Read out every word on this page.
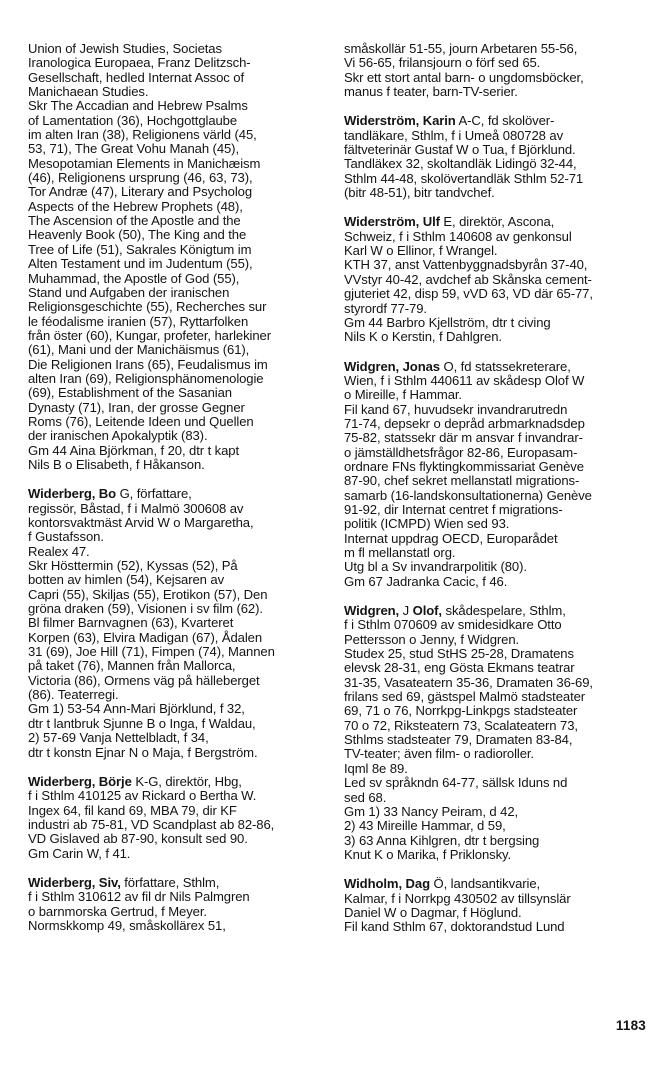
Union of Jewish Studies, Societas
Iranologica Europaea, Franz Delitzsch-
Gesellschaft, hedled Internat Assoc of
Manichaean Studies.
Skr The Accadian and Hebrew Psalms
of Lamentation (36), Hochgottglaube
im alten Iran (38), Religionens värld (45,
53, 71), The Great Vohu Manah (45),
Mesopotamian Elements in Manichæism
(46), Religionens ursprung (46, 63, 73),
Tor Andræ (47), Literary and Psycholog
Aspects of the Hebrew Prophets (48),
The Ascension of the Apostle and the
Heavenly Book (50), The King and the
Tree of Life (51), Sakrales Königtum im
Alten Testament und im Judentum (55),
Muhammad, the Apostle of God (55),
Stand und Aufgaben der iranischen
Religionsgeschichte (55), Recherches sur
le féodalisme iranien (57), Ryttarfolken
från öster (60), Kungar, profeter, harlekiner
(61), Mani und der Manichäismus (61),
Die Religionen Irans (65), Feudalismus im
alten Iran (69), Religionsphänomenologie
(69), Establishment of the Sasanian
Dynasty (71), Iran, der grosse Gegner
Roms (76), Leitende Ideen und Quellen
der iranischen Apokalyptik (83).
Gm 44 Aina Björkman, f 20, dtr t kapt
Nils B o Elisabeth, f Håkanson.
Widerberg, Bo G, författare,
regissör, Båstad, f i Malmö 300608 av
kontorsvaktmäst Arvid W o Margaretha,
f Gustafsson.
Realex 47.
Skr Hösttermin (52), Kyssas (52), På
botten av himlen (54), Kejsaren av
Capri (55), Skiljas (55), Erotikon (57), Den
gröna draken (59), Visionen i sv film (62).
Bl filmer Barnvagnen (63), Kvarteret
Korpen (63), Elvira Madigan (67), Ådalen
31 (69), Joe Hill (71), Fimpen (74), Mannen
på taket (76), Mannen från Mallorca,
Victoria (86), Ormens väg på hälleberget
(86). Teaterregi.
Gm 1) 53-54 Ann-Mari Björklund, f 32,
dtr t lantbruk Sjunne B o Inga, f Waldau,
2) 57-69 Vanja Nettelbladt, f 34,
dtr t konstn Ejnar N o Maja, f Bergström.
Widerberg, Börje K-G, direktör, Hbg,
f i Sthlm 410125 av Rickard o Bertha W.
Ingex 64, fil kand 69, MBA 79, dir KF
industri ab 75-81, VD Scandplast ab 82-86,
VD Gislaved ab 87-90, konsult sed 90.
Gm Carin W, f 41.
Widerberg, Siv, författare, Sthlm,
f i Sthlm 310612 av fil dr Nils Palmgren
o barnmorska Gertrud, f Meyer.
Normskkomp 49, småskollärex 51,
småskollär 51-55, journ Arbetaren 55-56,
Vi 56-65, frilansjourn o förf sed 65.
Skr ett stort antal barn- o ungdomsböcker,
manus f teater, barn-TV-serier.
Widerström, Karin A-C, fd skolöver-
tandläkare, Sthlm, f i Umeå 080728 av
fältveterinär Gustaf W o Tua, f Björklund.
Tandläkex 32, skoltandläk Lidingö 32-44,
Sthlm 44-48, skolövertandläk Sthlm 52-71
(bitr 48-51), bitr tandvchef.
Widerström, Ulf E, direktör, Ascona,
Schweiz, f i Sthlm 140608 av genkonsul
Karl W o Ellinor, f Wrangel.
KTH 37, anst Vattenbyggnadsbyrån 37-40,
VVstyr 40-42, avdchef ab Skånska cement-
gjuteriet 42, disp 59, vVD 63, VD där 65-77,
styrordf 77-79.
Gm 44 Barbro Kjellström, dtr t civing
Nils K o Kerstin, f Dahlgren.
Widgren, Jonas O, fd statssekreterare,
Wien, f i Sthlm 440611 av skådesp Olof W
o Mireille, f Hammar.
Fil kand 67, huvudsekr invandrarutredn
71-74, depsekr o depråd arbmarknadsdep
75-82, statssekr där m ansvar f invandrar-
o jämställdhetsfrågor 82-86, Europasam-
ordnare FNs flyktingkommissariat Genève
87-90, chef sekret mellanstatl migrations-
samarb (16-landskonsultationerna) Genève
91-92, dir Internat centret f migrations-
politik (ICMPD) Wien sed 93.
Internat uppdrag OECD, Europarådet
m fl mellanstatl org.
Utg bl a Sv invandrarpolitik (80).
Gm 67 Jadranka Cacic, f 46.
Widgren, J Olof, skådespelare, Sthlm,
f i Sthlm 070609 av smidesidkare Otto
Pettersson o Jenny, f Widgren.
Studex 25, stud StHS 25-28, Dramatens
elevsk 28-31, eng Gösta Ekmans teatrar
31-35, Vasateatern 35-36, Dramaten 36-69,
frilans sed 69, gästspel Malmö stadsteater
69, 71 o 76, Norrkpg-Linkpgs stadsteater
70 o 72, Riksteatern 73, Scalateatern 73,
Sthlms stadsteater 79, Dramaten 83-84,
TV-teater; även film- o radioroller.
Iqml 8e 89.
Led sv språkndn 64-77, sällsk Iduns nd
sed 68.
Gm 1) 33 Nancy Peiram, d 42,
2) 43 Mireille Hammar, d 59,
3) 63 Anna Kihlgren, dtr t bergsing
Knut K o Marika, f Priklonsky.
Widholm, Dag Ö, landsantikvarie,
Kalmar, f i Norrkpg 430502 av tillsynslär
Daniel W o Dagmar, f Höglund.
Fil kand Sthlm 67, doktorandstud Lund
1183
